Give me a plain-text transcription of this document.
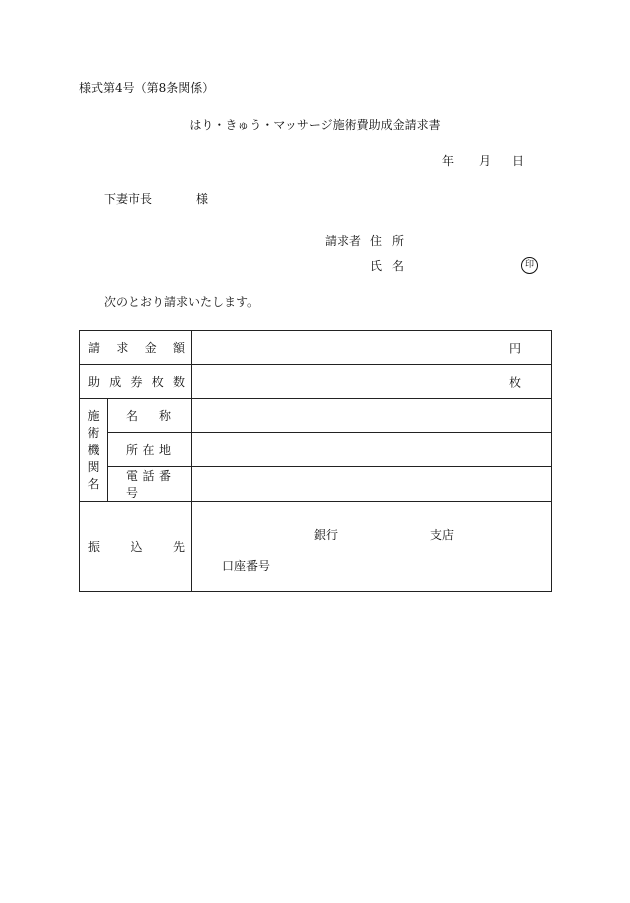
様式第4号（第8条関係）
はり・きゅう・マッサージ施術費助成金請求書
年 月 日
下妻市長	様
請求者 住所
氏名	印
次のとおり請求いたします。
請求金額		円

助成券枚数		枚

施
術
機
関
名	名称	
	所在地	
	電話番号	
振込先		銀行 支店
口座番号
